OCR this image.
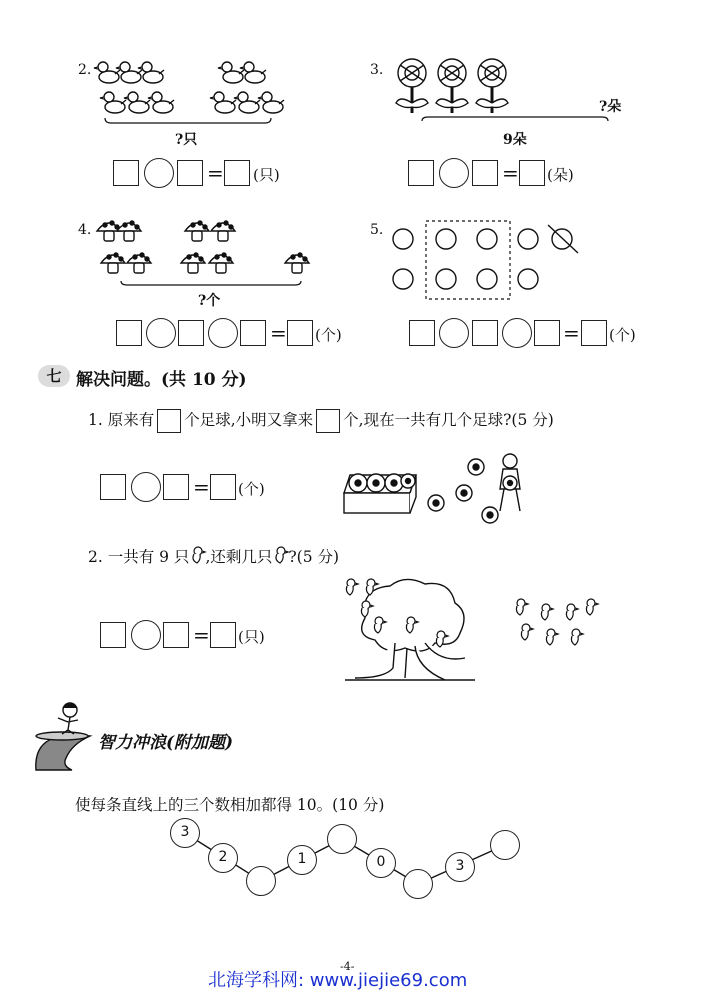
2.
?只
= (只)
3.
?朵
9朵
= (朵)
4.
?个
= (个)
5.
= (个)
七 解决问题。(共 10 分)
1. 原来有 个足球,小明又拿来 个,现在一共有几个足球?(5 分)
= (个)
2. 一共有 9 只 ,还剩几只 ?(5 分)
= (只)
智力冲浪(附加题)
使每条直线上的三个数相加都得 10。(10 分)
3
2	1	0	3
-4-
北海学科网: www.jiejie69.com
